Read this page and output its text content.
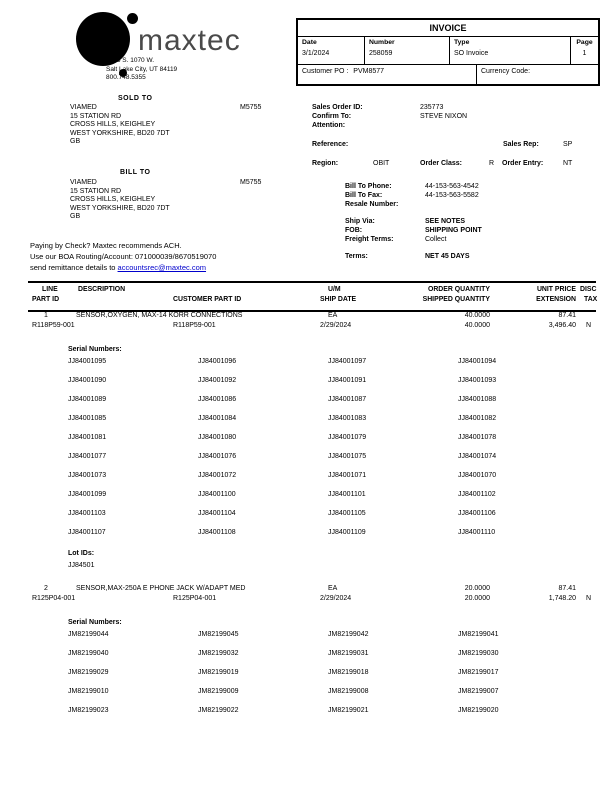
maxtec
2305 S. 1070 W.
Salt Lake City, UT 84119
800.748.5355
INVOICE
Date
3/1/2024
Number
258059
Type
SO Invoice
Page
1
Customer PO : PVM8577	Currency Code:
SOLD TO
VIAMED	M5755
15 STATION RD
CROSS HILLS, KEIGHLEY
WEST YORKSHIRE, BD20 7DT
GB
Sales Order ID:	235773
Confirm To:	STEVE NIXON
Attention:
Reference:	Sales Rep:	SP
Region:	OBIT	Order Class:	R Order Entry:	NT
BILL TO
VIAMED	M5755
15 STATION RD
CROSS HILLS, KEIGHLEY
WEST YORKSHIRE, BD20 7DT
GB
Bill To Phone:	44-153-563-4542
Bill To Fax:	44-153-563-5582
Resale Number:
Ship Via:	SEE NOTES
FOB:	SHIPPING POINT
Freight Terms:	Collect
Terms:	NET 45 DAYS
Paying by Check? Maxtec recommends ACH.
Use our BOA Routing/Account: 071000039/8670519070
send remittance details to accountsrec@maxtec.com
LINE	DESCRIPTION	U/M	ORDER QUANTITY	UNIT PRICE DISC
PART ID	CUSTOMER PART ID	SHIP DATE	SHIPPED QUANTITY	EXTENSION TAX
1	SENSOR,OXYGEN, MAX-14 KORR CONNECTIONS	EA	40.0000	87.41
R118P59-001	R118P59-001	2/29/2024	40.0000	3,496.40 N
Serial Numbers:
JJ84001095	JJ84001096	JJ84001097	JJ84001094
JJ84001090	JJ84001092	JJ84001091	JJ84001093
JJ84001089	JJ84001086	JJ84001087	JJ84001088
JJ84001085	JJ84001084	JJ84001083	JJ84001082
JJ84001081	JJ84001080	JJ84001079	JJ84001078
JJ84001077	JJ84001076	JJ84001075	JJ84001074
JJ84001073	JJ84001072	JJ84001071	JJ84001070
JJ84001099	JJ84001100	JJ84001101	JJ84001102
JJ84001103	JJ84001104	JJ84001105	JJ84001106
JJ84001107	JJ84001108	JJ84001109	JJ84001110
Lot IDs:
JJ84501
2	SENSOR,MAX-250A E PHONE JACK W/ADAPT MED	EA	20.0000	87.41
R125P04-001	R125P04-001	2/29/2024	20.0000	1,748.20 N
Serial Numbers:
JM82199044	JM82199045	JM82199042	JM82199041
JM82199040	JM82199032	JM82199031	JM82199030
JM82199029	JM82199019	JM82199018	JM82199017
JM82199010	JM82199009	JM82199008	JM82199007
JM82199023	JM82199022	JM82199021	JM82199020
